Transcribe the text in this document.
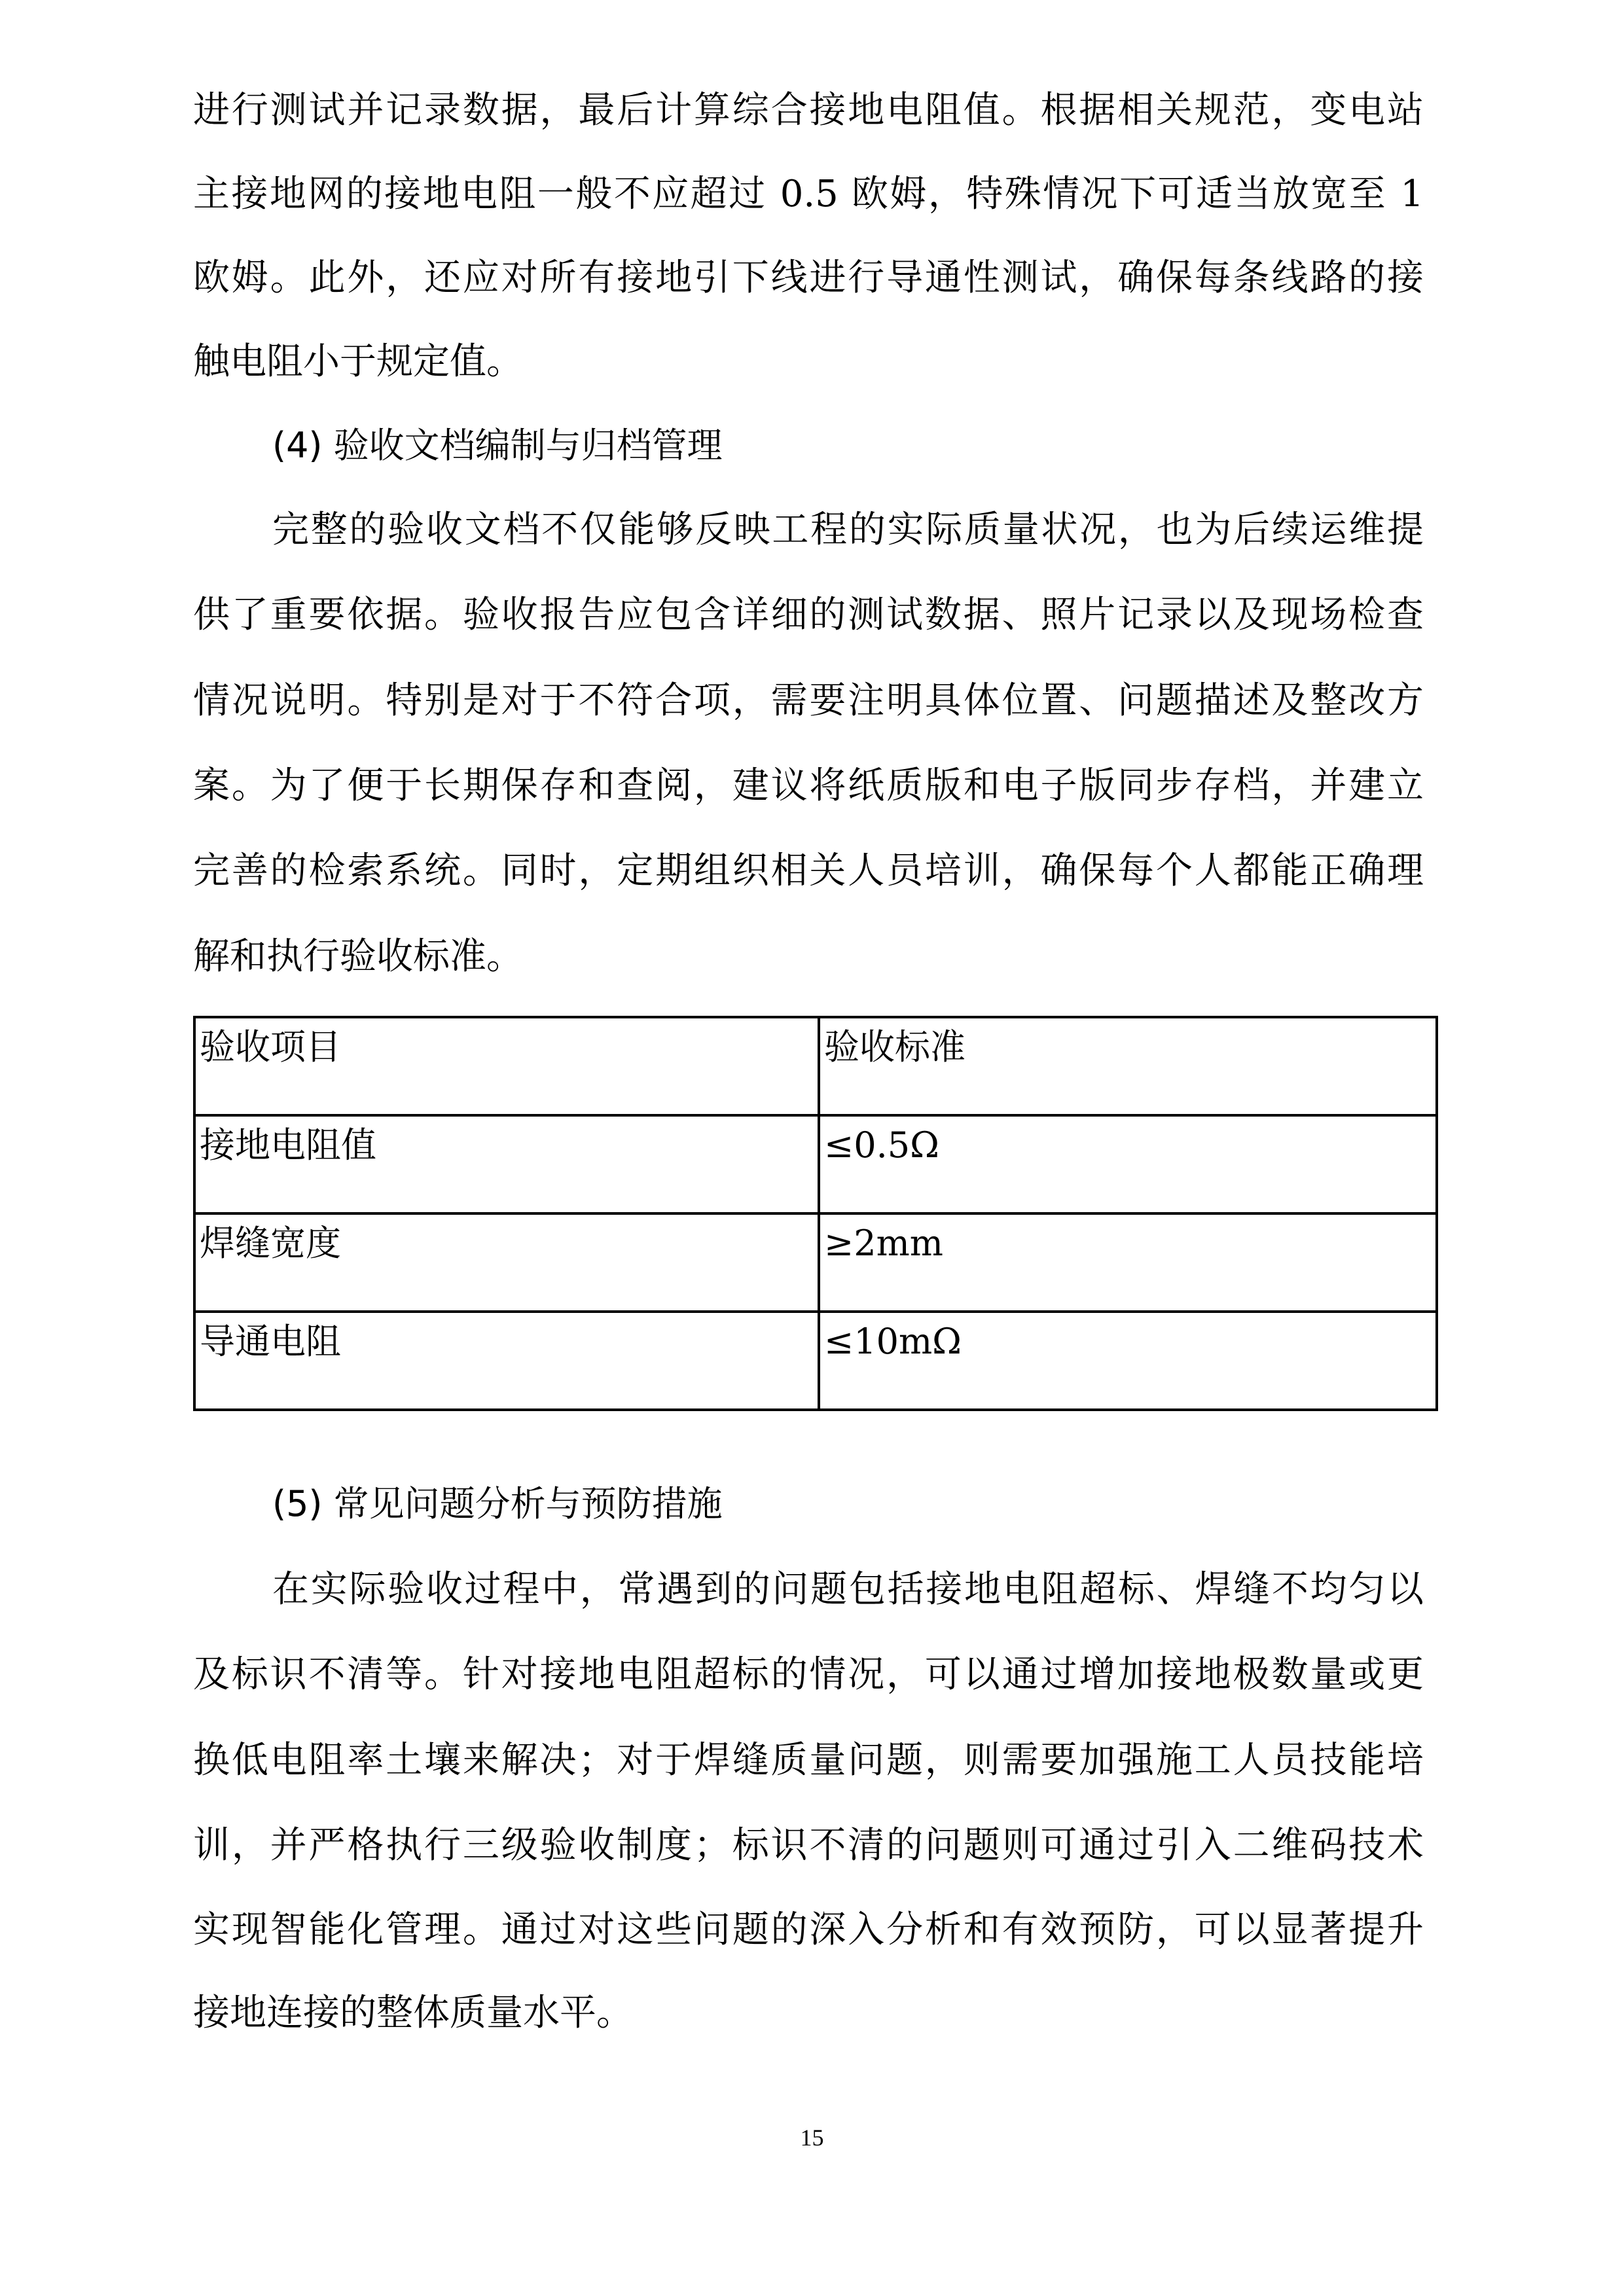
进行测试并记录数据，最后计算综合接地电阻值。根据相关规范，变电站
主接地网的接地电阻一般不应超过 0.5 欧姆，特殊情况下可适当放宽至 1
欧姆。此外，还应对所有接地引下线进行导通性测试，确保每条线路的接
触电阻小于规定值。
(4) 验收文档编制与归档管理
完整的验收文档不仅能够反映工程的实际质量状况，也为后续运维提
供了重要依据。验收报告应包含详细的测试数据、照片记录以及现场检查
情况说明。特别是对于不符合项，需要注明具体位置、问题描述及整改方
案。为了便于长期保存和查阅，建议将纸质版和电子版同步存档，并建立
完善的检索系统。同时，定期组织相关人员培训，确保每个人都能正确理
解和执行验收标准。
验收项目	验收标准
接地电阻值	≤0.5Ω
焊缝宽度	≥2mm
导通电阻	≤10mΩ
(5) 常见问题分析与预防措施
在实际验收过程中，常遇到的问题包括接地电阻超标、焊缝不均匀以
及标识不清等。针对接地电阻超标的情况，可以通过增加接地极数量或更
换低电阻率土壤来解决；对于焊缝质量问题，则需要加强施工人员技能培
训，并严格执行三级验收制度；标识不清的问题则可通过引入二维码技术
实现智能化管理。通过对这些问题的深入分析和有效预防，可以显著提升
接地连接的整体质量水平。
15
